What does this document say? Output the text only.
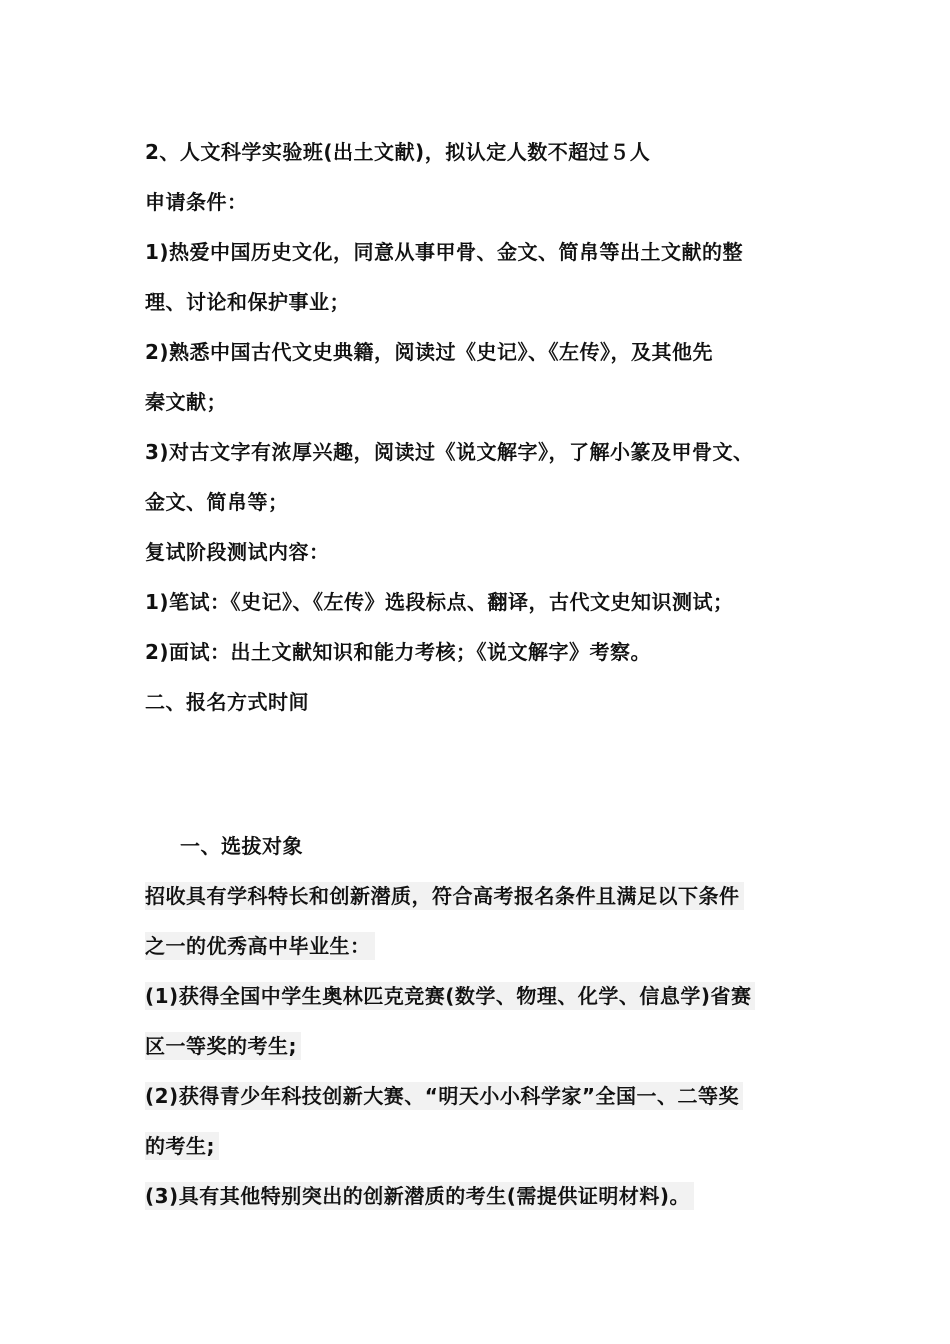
2、人文科学实验班(出土文献)，拟认定人数不超过５人
申请条件：
1)热爱中国历史文化，同意从事甲骨、金文、简帛等出土文献的整
理、讨论和保护事业；
2)熟悉中国古代文史典籍，阅读过《史记》、《左传》，及其他先
秦文献；
3)对古文字有浓厚兴趣，阅读过《说文解字》，了解小篆及甲骨文、
金文、简帛等；
复试阶段测试内容：
1)笔试：《史记》、《左传》选段标点、翻译，古代文史知识测试；
2)面试：出土文献知识和能力考核；《说文解字》考察。
二、报名方式时间
一、选拔对象
招收具有学科特长和创新潜质，符合高考报名条件且满足以下条件
之一的优秀高中毕业生：
(1)获得全国中学生奥林匹克竞赛(数学、物理、化学、信息学)省赛
区一等奖的考生;
(2)获得青少年科技创新大赛、“明天小小科学家”全国一、二等奖
的考生;
(3)具有其他特别突出的创新潜质的考生(需提供证明材料)。
